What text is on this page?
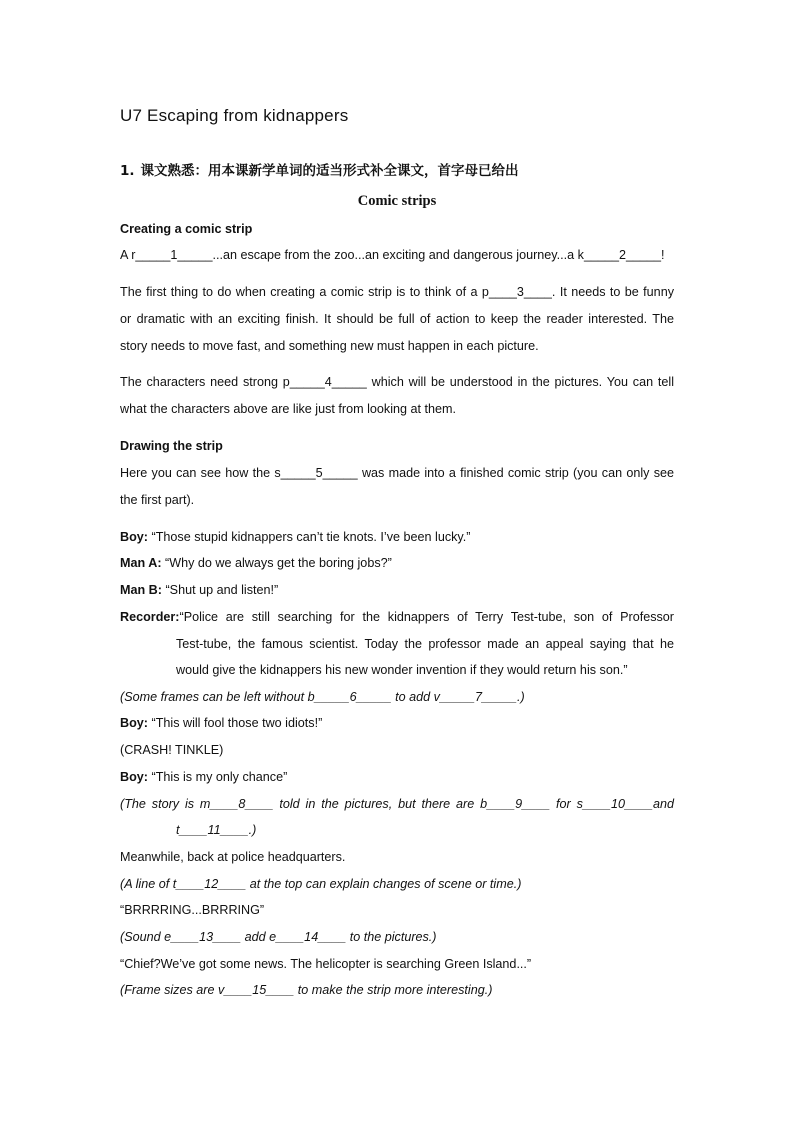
U7 Escaping from kidnappers
1. 课文熟悉：用本课新学单词的适当形式补全课文，首字母已给出
Comic strips
Creating a comic strip
A r_____1_____...an escape from the zoo...an exciting and dangerous journey...a k_____2_____!
The first thing to do when creating a comic strip is to think of a p____3____. It needs to be funny
or dramatic with an exciting finish. It should be full of action to keep the reader interested. The
story needs to move fast, and something new must happen in each picture.
The characters need strong p_____4_____ which will be understood in the pictures. You can tell
what the characters above are like just from looking at them.
Drawing the strip
Here you can see how the s_____5_____ was made into a finished comic strip (you can only see
the first part).
Boy: “Those stupid kidnappers can’t tie knots. I’ve been lucky.”
Man A: “Why do we always get the boring jobs?”
Man B: “Shut up and listen!”
Recorder:“Police are still searching for the kidnappers of Terry Test-tube, son of Professor
Test-tube, the famous scientist. Today the professor made an appeal saying that he
would give the kidnappers his new wonder invention if they would return his son.”
(Some frames can be left without b_____6_____ to add v_____7_____.)
Boy: “This will fool those two idiots!”
(CRASH! TINKLE)
Boy: “This is my only chance”
(The story is m____8____ told in the pictures, but there are b____9____ for s____10____and
t____11____.)
Meanwhile, back at police headquarters.
(A line of t____12____ at the top can explain changes of scene or time.)
“BRRRRING...BRRRING”
(Sound e____13____ add e____14____ to the pictures.)
“Chief?We’ve got some news. The helicopter is searching Green Island...”
(Frame sizes are v____15____ to make the strip more interesting.)
